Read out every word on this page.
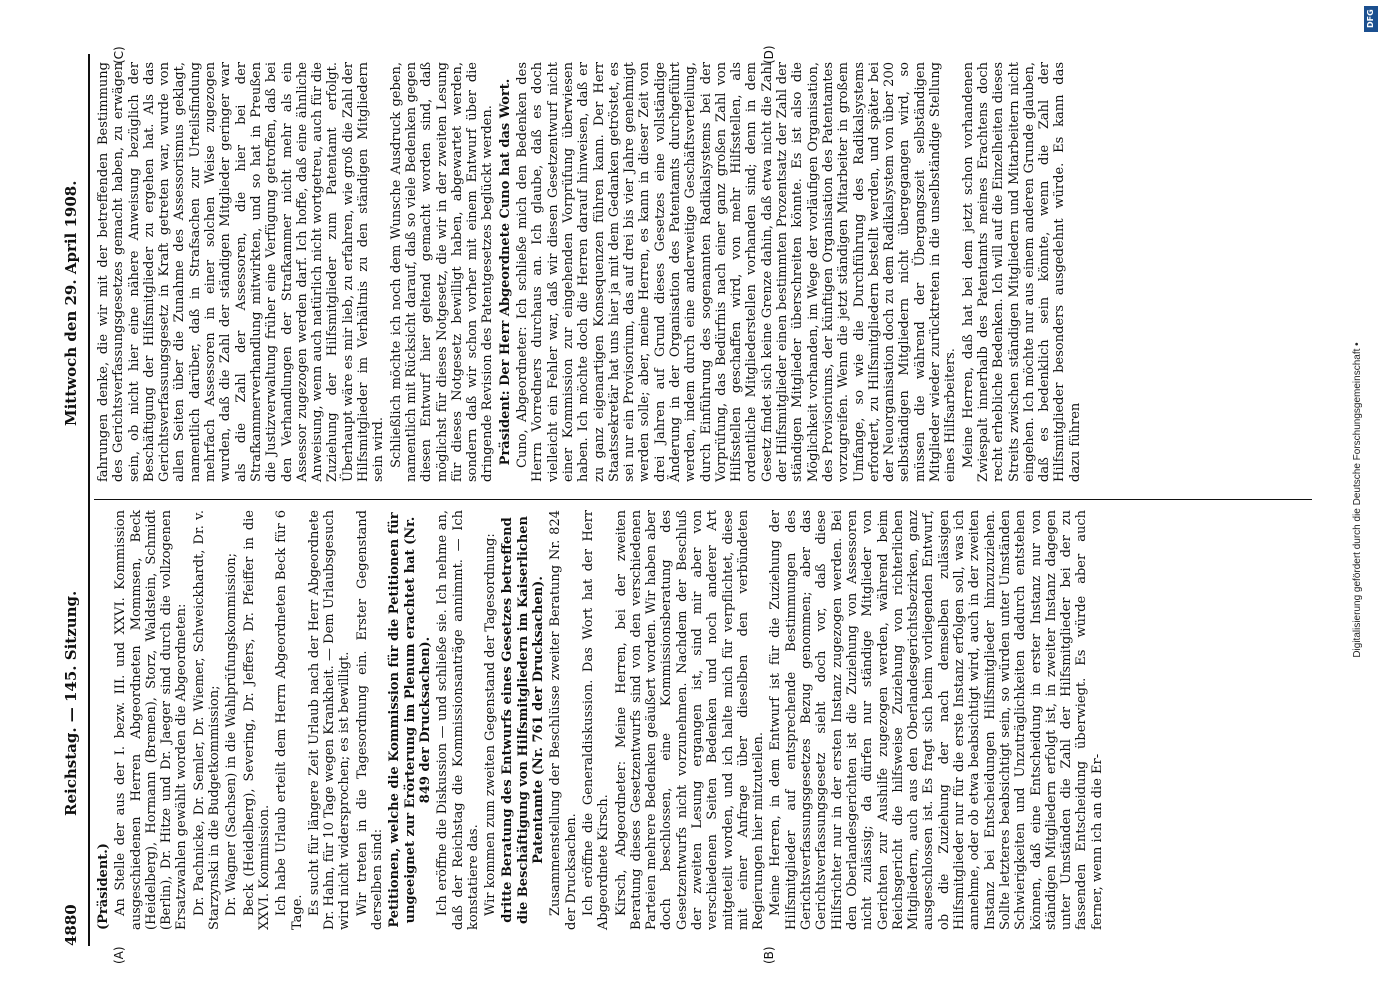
4880
Reichstag. — 145. Sitzung.
Mittwoch den 29. April 1908.
(A)	(B)
(C)	(D)

(Präsident.) An Stelle der aus der I. bezw. III. und XXVI. Kommission ausgeschiedenen Herren Abgeordneten Mommsen, Beck (Heidelberg), Hormann (Bremen), Storz, Waldstein, Schmidt (Berlin), Dr. Hitze und Dr. Jaeger sind durch die vollzogenen Ersatzwahlen gewählt worden die Abgeordneten: Dr. Pachnicke, Dr. Semler, Dr. Wiemer, Schweickhardt, Dr. v. Starzynski in die Budgetkommission; Dr. Wagner (Sachsen) in die Wahlprüfungskommission; Beck (Heidelberg), Severing, Dr. Jeffers, Dr. Pfeiffer in die XXVI. Kommission. Ich habe Urlaub erteilt dem Herrn Abgeordneten Beck für 6 Tage. Es sucht für längere Zeit Urlaub nach der Herr Abgeordnete Dr. Hahn, für 10 Tage wegen Krankheit. — Dem Urlaubsgesuch wird nicht widersprochen; es ist bewilligt. Wir treten in die Tagesordnung ein. Erster Gegenstand derselben sind: Petitionen, welche die Kommission für die Petitionen für ungeeignet zur Erörterung im Plenum erachtet hat (Nr. 849 der Drucksachen). Ich eröffne die Diskussion — und schließe sie. Ich nehme an, daß der Reichstag die Kommissionsanträge annimmt. — Ich konstatiere das. Wir kommen zum zweiten Gegenstand der Tagesordnung: dritte Beratung des Entwurfs eines Gesetzes betreffend die Beschäftigung von Hilfsmitgliedern im Kaiserlichen Patentamte (Nr. 761 der Drucksachen). Zusammenstellung der Beschlüsse zweiter Beratung Nr. 824 der Drucksachen. Ich eröffne die Generaldiskussion. Das Wort hat der Herr Abgeordnete Kirsch. Kirsch, Abgeordneter: Meine Herren, bei der zweiten Beratung dieses Gesetzentwurfs sind von den verschiedenen Parteien mehrere Bedenken geäußert worden. Wir haben aber doch beschlossen, eine Kommissionsberatung des Gesetzentwurfs nicht vorzunehmen. Nachdem der Beschluß der zweiten Lesung ergangen ist, sind mir aber von verschiedenen Seiten Bedenken und noch anderer Art mitgeteilt worden, und ich halte mich für verpflichtet, diese mit einer Anfrage über dieselben den verbündeten Regierungen hier mitzuteilen. Meine Herren, in dem Entwurf ist für die Zuziehung der Hilfsmitglieder auf entsprechende Bestimmungen des Gerichtsverfassungsgesetzes Bezug genommen; aber das Gerichtsverfassungsgesetz sieht doch vor, daß diese Hilfsrichter nur in der ersten Instanz zugezogen werden. Bei den Oberlandesgerichten ist die Zuziehung von Assessoren nicht zulässig; da dürfen nur ständige Mitglieder von Gerichten zur Aushilfe zugezogen werden, während beim Reichsgericht die hilfsweise Zuziehung von richterlichen Mitgliedern, auch aus den Oberlandesgerichtsbezirken, ganz ausgeschlossen ist. Es fragt sich beim vorliegenden Entwurf, ob die Zuziehung der nach demselben zulässigen Hilfsmitglieder nur für die erste Instanz erfolgen soll, was ich annehme, oder ob etwa beabsichtigt wird, auch in der zweiten Instanz bei Entscheidungen Hilfsmitglieder hinzuzuziehen. Sollte letzteres beabsichtigt sein, so würden unter Umständen Schwierigkeiten und Unzuträglichkeiten dadurch entstehen können, daß eine Entscheidung in erster Instanz nur von ständigen Mitgliedern erfolgt ist, in zweiter Instanz dagegen unter Umständen die Zahl der Hilfsmitglieder bei der zu fassenden Entscheidung überwiegt. Es würde aber auch ferner, wenn ich an die Er-

fahrungen denke, die wir mit der betreffenden Bestimmung des Gerichtsverfassungsgesetzes gemacht haben, zu erwägen sein, ob nicht hier eine nähere Anweisung bezüglich der Beschäftigung der Hilfsmitglieder zu ergehen hat. Als das Gerichtsverfassungsgesetz in Kraft getreten war, wurde von allen Seiten über die Zunahme des Assessorismus geklagt, namentlich darüber, daß in Strafsachen zur Urteilsfindung mehrfach Assessoren in einer solchen Weise zugezogen wurden, daß die Zahl der ständigen Mitglieder geringer war als die Zahl der Assessoren, die hier bei der Strafkammerverhandlung mitwirkten, und so hat in Preußen die Justizverwaltung früher eine Verfügung getroffen, daß bei den Verhandlungen der Strafkammer nicht mehr als ein Assessor zugezogen werden darf. Ich hoffe, daß eine ähnliche Anweisung, wenn auch natürlich nicht wortgetreu, auch für die Zuziehung der Hilfsmitglieder zum Patentamt erfolgt. Überhaupt wäre es mir lieb, zu erfahren, wie groß die Zahl der Hilfsmitglieder im Verhältnis zu den ständigen Mitgliedern sein wird. Schließlich möchte ich noch dem Wunsche Ausdruck geben, namentlich mit Rücksicht darauf, daß so viele Bedenken gegen diesen Entwurf hier geltend gemacht worden sind, daß möglichst für dieses Notgesetz, die wir in der zweiten Lesung für dieses Notgesetz bewilligt haben, abgewartet werden, sondern daß wir schon vorher mit einem Entwurf über die dringende Revision des Patentgesetzes beglückt werden. Präsident: Der Herr Abgeordnete Cuno hat das Wort. Cuno, Abgeordneter: Ich schließe mich den Bedenken des Herrn Vorredners durchaus an. Ich glaube, daß es doch vielleicht ein Fehler war, daß wir diesen Gesetzentwurf nicht einer Kommission zur eingehenden Vorprüfung überwiesen haben. Ich möchte doch die Herren darauf hinweisen, daß er zu ganz eigenartigen Konsequenzen führen kann. Der Herr Staatssekretär hat uns hier ja mit dem Gedanken getröstet, es sei nur ein Provisorium, das auf drei bis vier Jahre genehmigt werden solle; aber, meine Herren, es kann in dieser Zeit von drei Jahren auf Grund dieses Gesetzes eine vollständige Änderung in der Organisation des Patentamts durchgeführt werden, indem durch eine anderweitige Geschäftsverteilung, durch Einführung des sogenannten Radikalsystems bei der Vorprüfung, das Bedürfnis nach einer ganz großen Zahl von Hilfsstellen geschaffen wird, von mehr Hilfsstellen, als ordentliche Mitgliederstellen vorhanden sind; denn in dem Gesetz findet sich keine Grenze dahin, daß etwa nicht die Zahl der Hilfsmitglieder einen bestimmten Prozentsatz der Zahl der ständigen Mitglieder überschreiten könnte. Es ist also die Möglichkeit vorhanden, im Wege der vorläufigen Organisation, des Provisoriums, der künftigen Organisation des Patentamtes vorzugreifen. Wenn die jetzt ständigen Mitarbeiter in großem Umfange, so wie die Durchführung des Radikalsystems erfordert, zu Hilfsmitgliedern bestellt werden, und später bei der Neuorganisation doch zu dem Radikalsystem von über 200 selbständigen Mitgliedern nicht übergegangen wird, so müssen die während der Übergangszeit selbständigen Mitglieder wieder zurücktreten in die unselbständige Stellung eines Hilfsarbeiters. Meine Herren, daß hat bei dem jetzt schon vorhandenen Zwiespalt innerhalb des Patentamts meines Erachtens doch recht erhebliche Bedenken. Ich will auf die Einzelheiten dieses Streits zwischen ständigen Mitgliedern und Mitarbeitern nicht eingehen. Ich möchte nur aus einem anderen Grunde glauben, daß es bedenklich sein könnte, wenn die Zahl der Hilfsmitglieder besonders ausgedehnt würde. Es kann das dazu führen	Digitalisierung gefördert durch die Deutsche Forschungsgemeinschaft •
DFG
